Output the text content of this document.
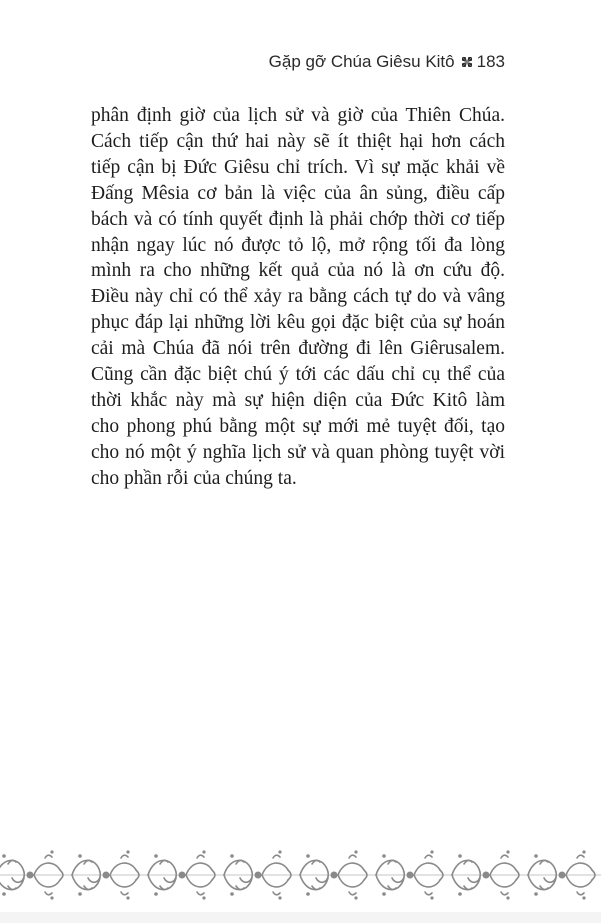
Gặp gỡ Chúa Giêsu Kitô 183
phân định giờ của lịch sử và giờ của Thiên Chúa.
Cách tiếp cận thứ hai này sẽ ít thiệt hại hơn cách
tiếp cận bị Đức Giêsu chỉ trích. Vì sự mặc khải về
Đấng Mêsia cơ bản là việc của ân sủng, điều cấp
bách và có tính quyết định là phải chớp thời cơ tiếp
nhận ngay lúc nó được tỏ lộ, mở rộng tối đa lòng
mình ra cho những kết quả của nó là ơn cứu độ.
Điều này chỉ có thể xảy ra bằng cách tự do và vâng
phục đáp lại những lời kêu gọi đặc biệt của sự hoán
cải mà Chúa đã nói trên đường đi lên Giêrusalem.
Cũng cần đặc biệt chú ý tới các dấu chỉ cụ thể của
thời khắc này mà sự hiện diện của Đức Kitô làm
cho phong phú bằng một sự mới mẻ tuyệt đối, tạo
cho nó một ý nghĩa lịch sử và quan phòng tuyệt vời
cho phần rỗi của chúng ta.
